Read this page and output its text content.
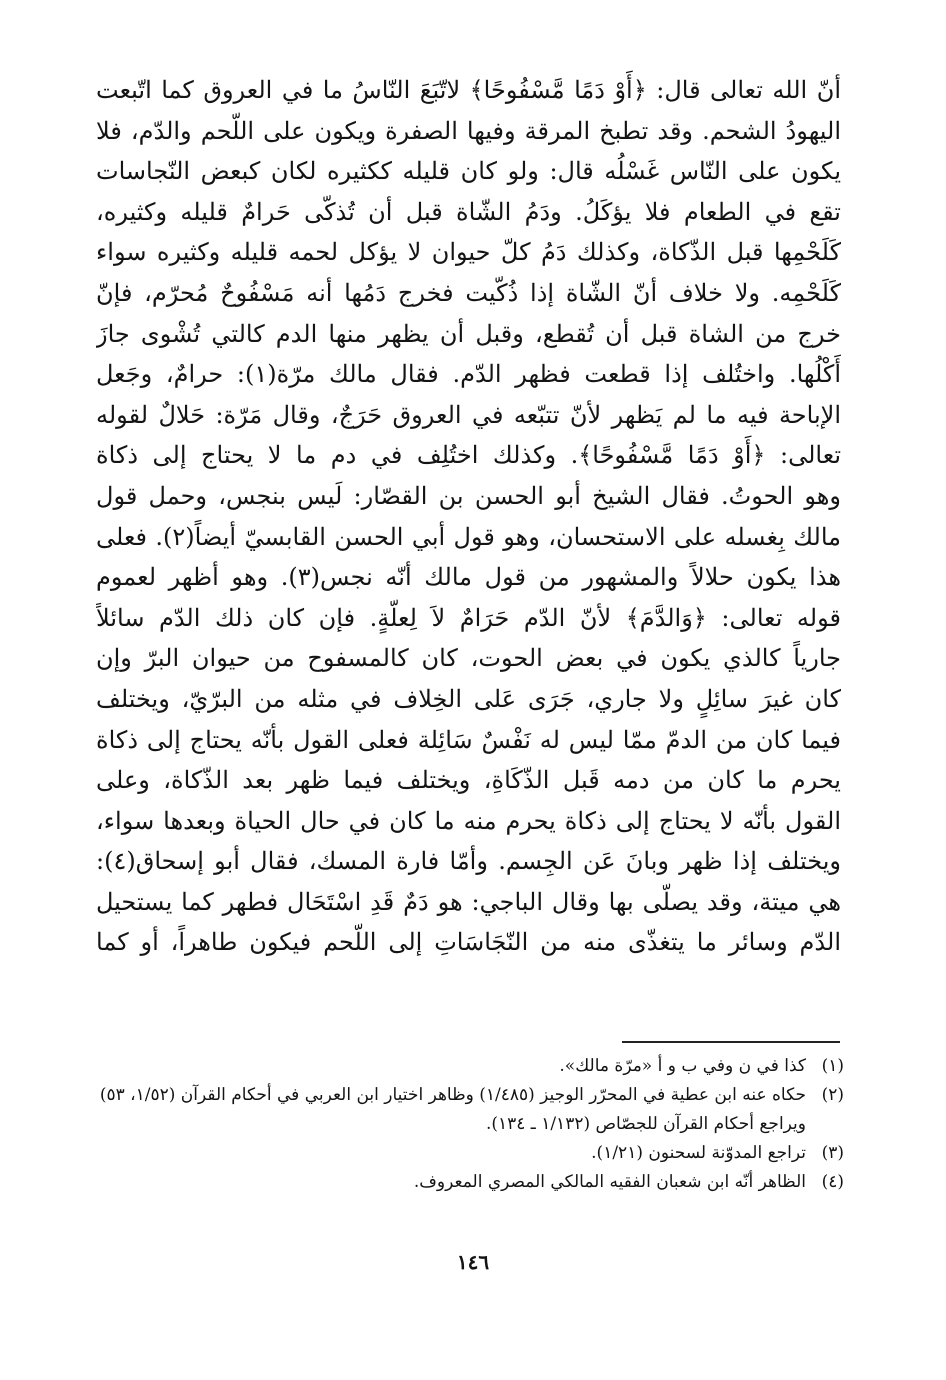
أنّ الله تعالى قال: ﴿أَوْ دَمًا مَّسْفُوحًا﴾ لاتّبَعَ النّاسُ ما في العروق كما اتّبعت
اليهودُ الشحم. وقد تطبخ المرقة وفيها الصفرة ويكون على اللّحم والدّم، فلا
يكون على النّاس غَسْلُه قال: ولو كان قليله ككثيره لكان كبعض النّجاسات
تقع في الطعام فلا يؤكَلُ. ودَمُ الشّاة قبل أن تُذكّى حَرامٌ قليله وكثيره،
كَلَحْمِها قبل الذّكاة، وكذلك دَمُ كلّ حيوان لا يؤكل لحمه قليله وكثيره سواء
كَلَحْمِه. ولا خلاف أنّ الشّاة إذا ذُكّيت فخرج دَمُها أنه مَسْفُوحٌ مُحرّم، فإنّ
خرج من الشاة قبل أن تُقطع، وقبل أن يظهر منها الدم كالتي تُشْوى جازَ
أَكْلُها. واختُلف إذا قطعت فظهر الدّم. فقال مالك مرّة(١): حرامٌ، وجَعل
الإباحة فيه ما لم يَظهر لأنّ تتبّعه في العروق حَرَجٌ، وقال مَرّة: حَلالٌ لقوله
تعالى: ﴿أَوْ دَمًا مَّسْفُوحًا﴾. وكذلك اختُلِف في دم ما لا يحتاج إلى ذكاة
وهو الحوتُ. فقال الشيخ أبو الحسن بن القصّار: لَيس بنجس، وحمل قول
مالك بِغسله على الاستحسان، وهو قول أبي الحسن القابسيّ أيضاً(٢). فعلى
هذا يكون حلالاً والمشهور من قول مالك أنّه نجس(٣). وهو أظهر لعموم
قوله تعالى: ﴿وَالدَّمَ﴾ لأنّ الدّم حَرَامٌ لاَ لِعلّةٍ. فإن كان ذلك الدّم سائلاً
جارياً كالذي يكون في بعض الحوت، كان كالمسفوح من حيوان البرّ وإن
كان غيرَ سائِلٍ ولا جاري، جَرَى عَلى الخِلاف في مثله من البرّيّ، ويختلف
فيما كان من الدمّ ممّا ليس له نَفْسٌ سَائِلة فعلى القول بأنّه يحتاج إلى ذكاة
يحرم ما كان من دمه قَبل الذّكَاةِ، ويختلف فيما ظهر بعد الذّكاة، وعلى
القول بأنّه لا يحتاج إلى ذكاة يحرم منه ما كان في حال الحياة وبعدها سواء،
ويختلف إذا ظهر وبانَ عَن الجِسم. وأمّا فارة المسك، فقال أبو إسحاق(٤):
هي ميتة، وقد يصلّى بها وقال الباجي: هو دَمٌ قَدِ اسْتَحَال فطهر كما يستحيل
الدّم وسائر ما يتغذّى منه من النّجَاسَاتِ إلى اللّحم فيكون طاهراً، أو كما
(١)
كذا في ن وفي ب و أ «مرّة مالك».
(٢)
حكاه عنه ابن عطية في المحرّر الوجيز (١/٤٨٥) وظاهر اختيار ابن العربي في أحكام القرآن (١/٥٢، ٥٣) ويراجع أحكام القرآن للجصّاص (١/١٣٢ ـ ١٣٤).
(٣)
تراجع المدوّنة لسحنون (١/٢١).
(٤)
الظاهر أنّه ابن شعبان الفقيه المالكي المصري المعروف.
١٤٦
